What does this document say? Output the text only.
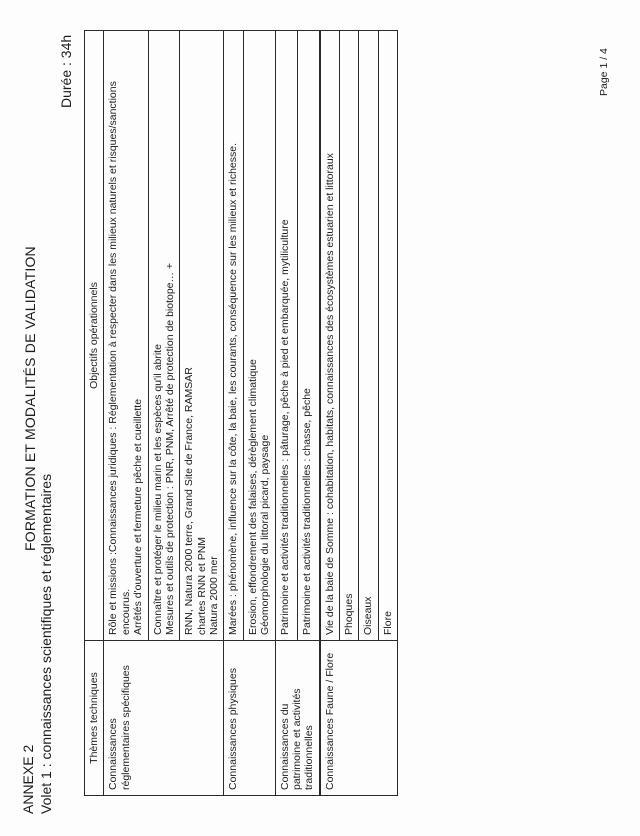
ANNEXE 2 Volet 1 : connaissances scientifiques et réglementaires
FORMATION ET MODALITÉS DE VALIDATION
Durée : 34h
Thèmes techniques	Objectifs opérationnels
Connaissances
réglementaires spécifiques	Rôle et missions :Connaissances juridiques : Réglementation à respecter dans les milieux naturels et risques/sanctions
encourus.
Arrêtés d'ouverture et fermeture pêche et cueillette
	Connaître et protéger le milieu marin et les espèces qu'il abrite
Mesures et outils de protection : PNR, PNM, Arrêté de protection de biotope… +
	RNN, Natura 2000 terre, Grand Site de France, RAMSAR
chartes RNN et PNM
Natura 2000 mer
Connaissances physiques	Marées : phénomène, influence sur la côte, la baie, les courants, conséquence sur les milieux et richesse.
	Erosion, effondrement des falaises, dérèglement climatique
Géomorphologie du littoral picard, paysage
Connaissances du
patrimoine et activités
traditionnelles	Patrimoine et activités traditionnelles : pâturage, pêche à pied et embarquée, mytiliculture
	Patrimoine et activités traditionnelles : chasse, pêche
Connaissances Faune / Flore	Vie de la baie de Somme : cohabitation, habitats, connaissances des écosystèmes estuarien et littoraux
	Phoques
	Oiseaux
	Flore
Page 1 / 4
